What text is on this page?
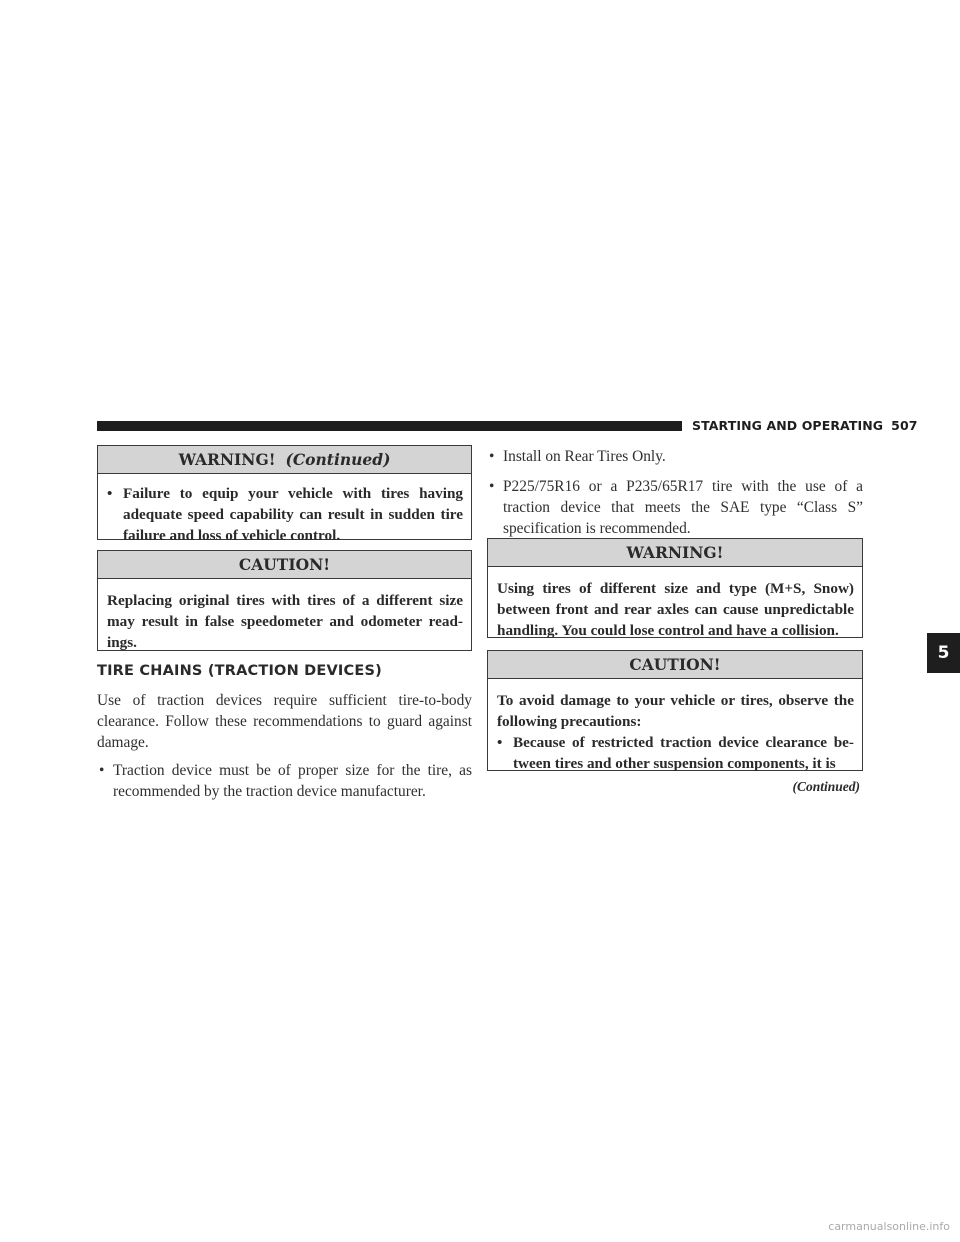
STARTING AND OPERATING 507
5
WARNING! (Continued)
• Failure to equip your vehicle with tires having adequate speed capability can result in sudden tire failure and loss of vehicle control.
CAUTION!
Replacing original tires with tires of a different size may result in false speedometer and odometer read-ings.
TIRE CHAINS (TRACTION DEVICES)
Use of traction devices require sufficient tire-to-body clearance. Follow these recommendations to guard against damage.
• Traction device must be of proper size for the tire, as recommended by the traction device manufacturer.
• Install on Rear Tires Only.
• P225/75R16 or a P235/65R17 tire with the use of a traction device that meets the SAE type “Class S” specification is recommended.
WARNING!
Using tires of different size and type (M+S, Snow) between front and rear axles can cause unpredictable handling. You could lose control and have a collision.
CAUTION!
To avoid damage to your vehicle or tires, observe the following precautions:
• Because of restricted traction device clearance be-tween tires and other suspension components, it is
(Continued)
carmanualsonline.info
